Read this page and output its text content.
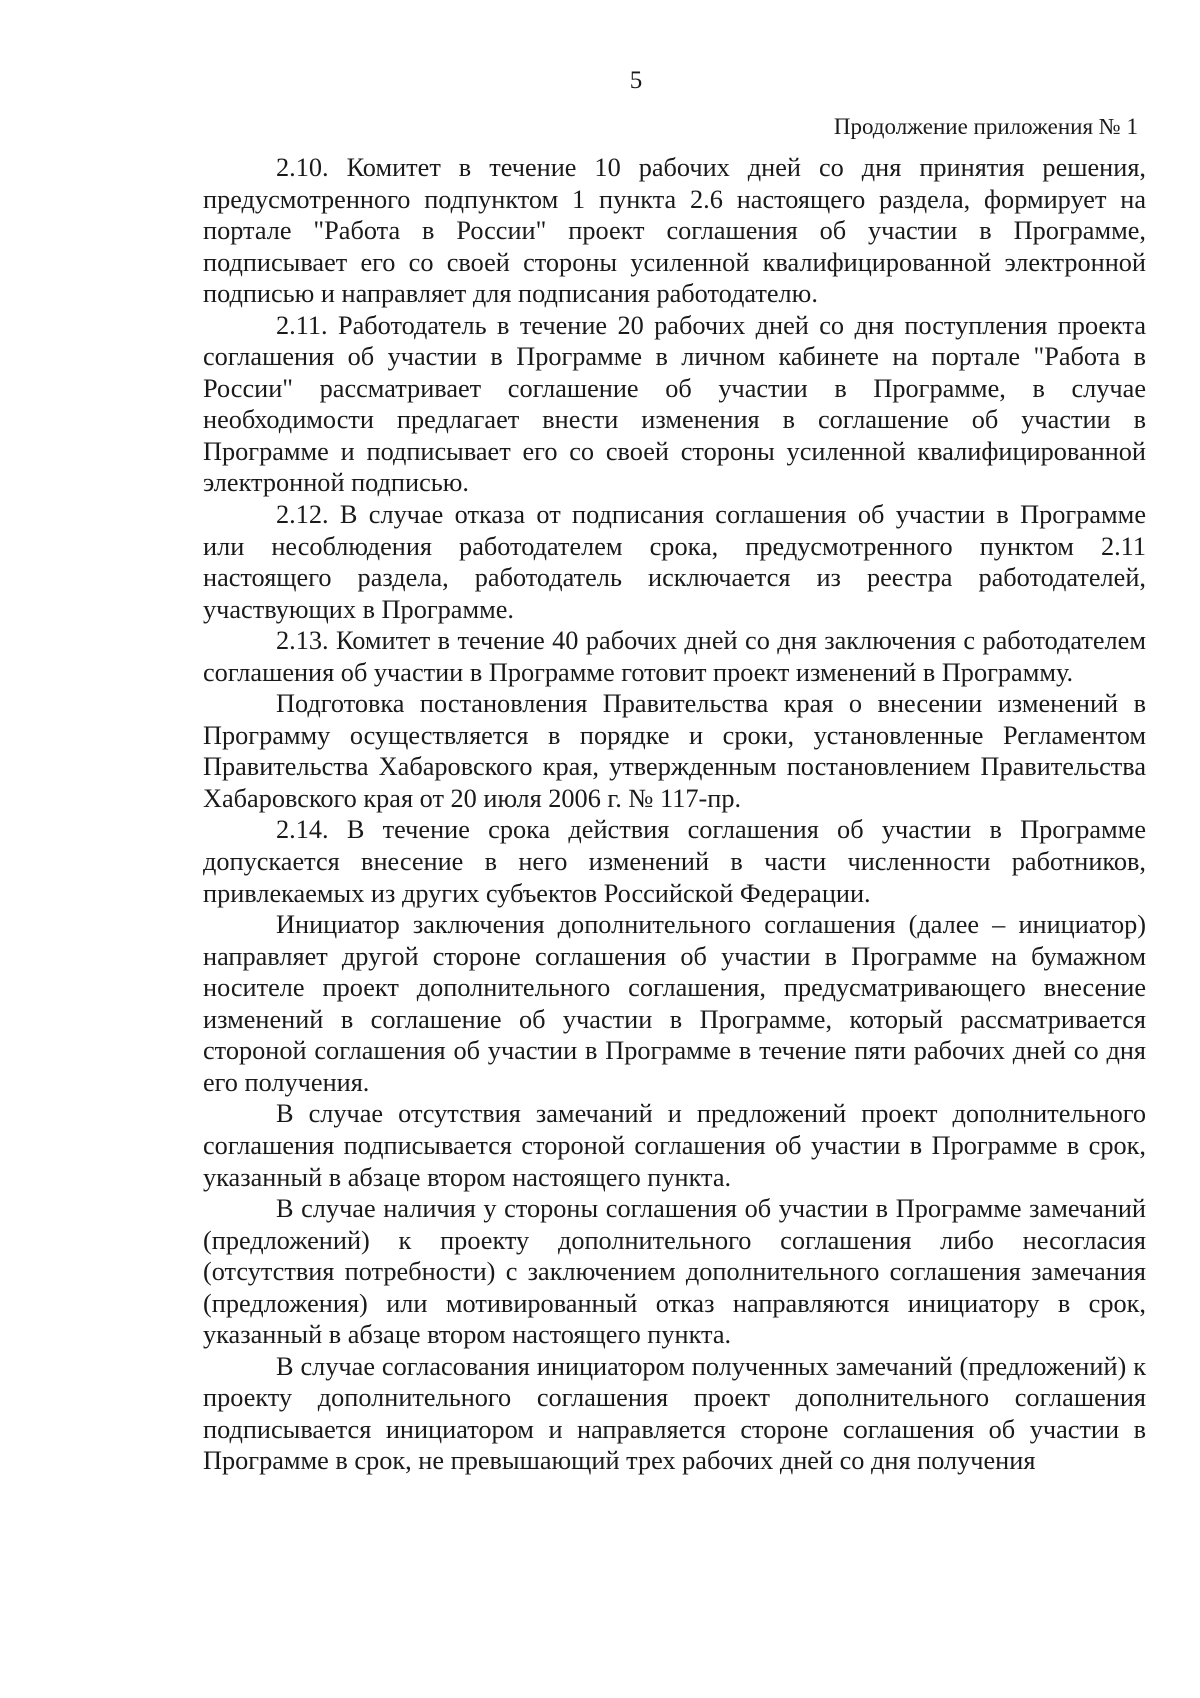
5
Продолжение приложения № 1

2.10. Комитет в течение 10 рабочих дней со дня принятия решения, предусмотренного подпунктом 1 пункта 2.6 настоящего раздела, формирует на портале "Работа в России" проект соглашения об участии в Программе, подписывает его со своей стороны усиленной квалифицированной электронной подписью и направляет для подписания работодателю.

2.11. Работодатель в течение 20 рабочих дней со дня поступления проекта соглашения об участии в Программе в личном кабинете на портале "Работа в России" рассматривает соглашение об участии в Программе, в случае необходимости предлагает внести изменения в соглашение об участии в Программе и подписывает его со своей стороны усиленной квалифицированной электронной подписью.

2.12. В случае отказа от подписания соглашения об участии в Программе или несоблюдения работодателем срока, предусмотренного пунктом 2.11 настоящего раздела, работодатель исключается из реестра работодателей, участвующих в Программе.

2.13. Комитет в течение 40 рабочих дней со дня заключения с работодателем соглашения об участии в Программе готовит проект изменений в Программу.

Подготовка постановления Правительства края о внесении изменений в Программу осуществляется в порядке и сроки, установленные Регламентом Правительства Хабаровского края, утвержденным постановлением Правительства Хабаровского края от 20 июля 2006 г. № 117-пр.

2.14. В течение срока действия соглашения об участии в Программе допускается внесение в него изменений в части численности работников, привлекаемых из других субъектов Российской Федерации.

Инициатор заключения дополнительного соглашения (далее – инициатор) направляет другой стороне соглашения об участии в Программе на бумажном носителе проект дополнительного соглашения, предусматривающего внесение изменений в соглашение об участии в Программе, который рассматривается стороной соглашения об участии в Программе в течение пяти рабочих дней со дня его получения.

В случае отсутствия замечаний и предложений проект дополнительного соглашения подписывается стороной соглашения об участии в Программе в срок, указанный в абзаце втором настоящего пункта.

В случае наличия у стороны соглашения об участии в Программе замечаний (предложений) к проекту дополнительного соглашения либо несогласия (отсутствия потребности) с заключением дополнительного соглашения замечания (предложения) или мотивированный отказ направляются инициатору в срок, указанный в абзаце втором настоящего пункта.

В случае согласования инициатором полученных замечаний (предложений) к проекту дополнительного соглашения проект дополнительного соглашения подписывается инициатором и направляется стороне соглашения об участии в Программе в срок, не превышающий трех рабочих дней со дня получения
